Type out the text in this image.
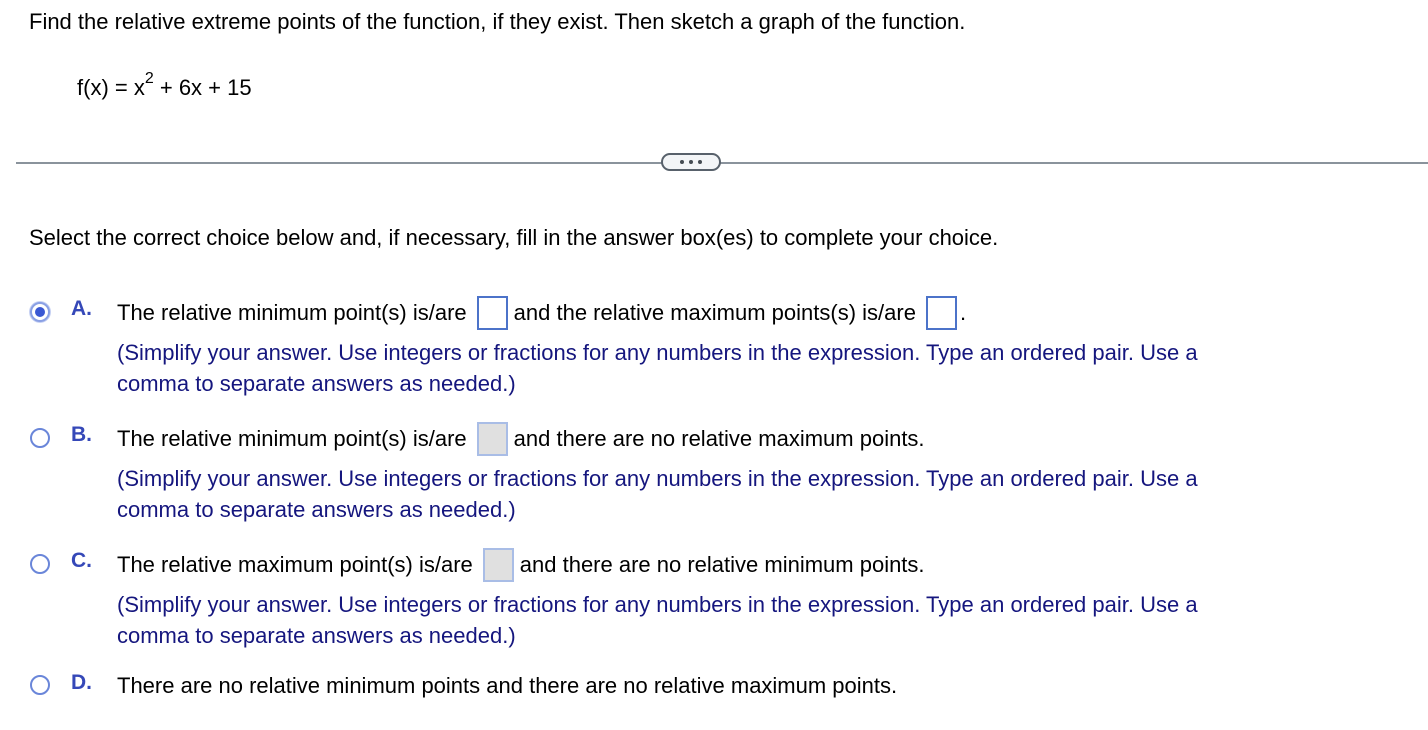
Find the relative extreme points of the function, if they exist. Then sketch a graph of the function.
$f(x) = x^2 + 6x + 15$
Select the correct choice below and, if necessary, fill in the answer box(es) to complete your choice.
A. The relative minimum point(s) is/are and the relative maximum points(s) is/are .
(Simplify your answer. Use integers or fractions for any numbers in the expression. Type an ordered pair. Use a
comma to separate answers as needed.)
B. The relative minimum point(s) is/are and there are no relative maximum points.
(Simplify your answer. Use integers or fractions for any numbers in the expression. Type an ordered pair. Use a
comma to separate answers as needed.)
C. The relative maximum point(s) is/are and there are no relative minimum points.
(Simplify your answer. Use integers or fractions for any numbers in the expression. Type an ordered pair. Use a
comma to separate answers as needed.)
D. There are no relative minimum points and there are no relative maximum points.
